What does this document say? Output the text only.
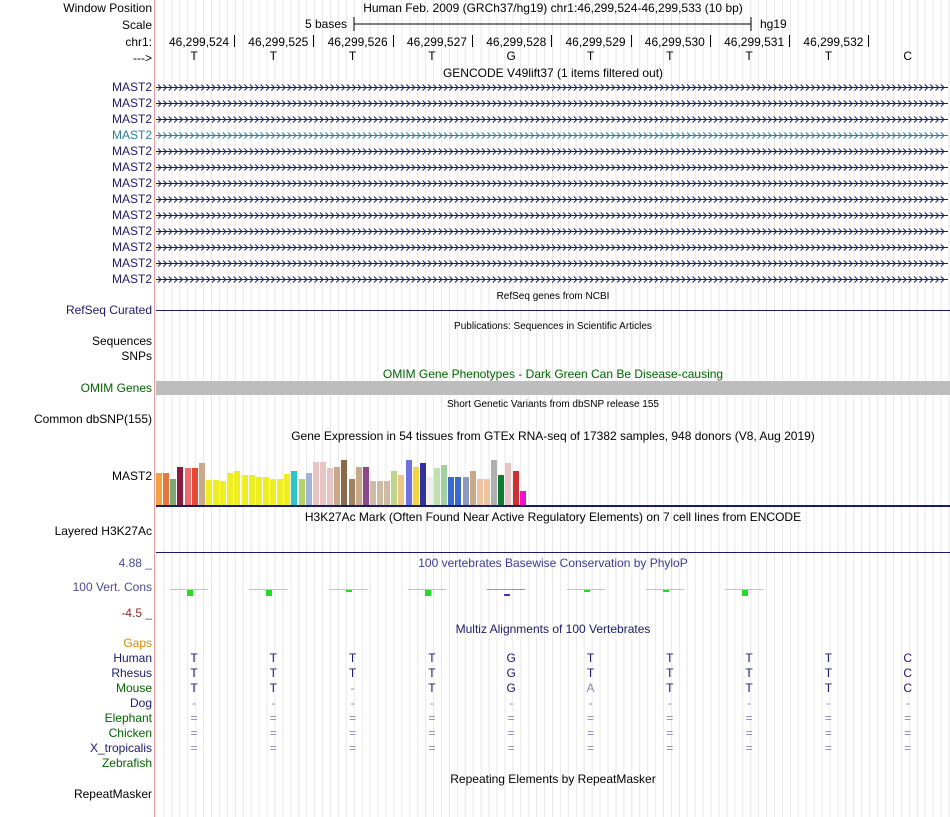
Window Position	Human Feb. 2009 (GRCh37/hg19) chr1:46,299,524-46,299,533 (10 bp)
Scale	5 bases	hg19
chr1: 46,299,524 46,299,525 46,299,526 46,299,527 46,299,528 46,299,529 46,299,530 46,299,531 46,299,532
--->	T	T	T	T	G	T	T	T	T	C
GENCODE V49lift37 (1 items filtered out)
MAST2
MAST2
MAST2
MAST2
MAST2
MAST2
MAST2
MAST2
MAST2
MAST2
MAST2
MAST2
MAST2
RefSeq genes from NCBI
RefSeq Curated
Publications: Sequences in Scientific Articles
Sequences
SNPs
OMIM Gene Phenotypes - Dark Green Can Be Disease-causing
OMIM Genes
Short Genetic Variants from dbSNP release 155
Common dbSNP(155)
Gene Expression in 54 tissues from GTEx RNA-seq of 17382 samples, 948 donors (V8, Aug 2019)
MAST2
H3K27Ac Mark (Often Found Near Active Regulatory Elements) on 7 cell lines from ENCODE
Layered H3K27Ac
100 vertebrates Basewise Conservation by PhyloP
4.88 _
100 Vert. Cons
-4.5 _
Gaps
Multiz Alignments of 100 Vertebrates
Human	T	T	T	T	G	T	T	T	T	C
Rhesus	T	T	T	T	G	T	T	T	T	C
Mouse	T	T	-	T	G	A	T	T	T	C
Dog	-	-	-	-	-	-	-	-	-	-
Elephant	=	=	=	=	=	=	=	=	=	=
Chicken	=	=	=	=	=	=	=	=	=	=
X_tropicalis	=	=	=	=	=	=	=	=	=	=
Zebrafish
Repeating Elements by RepeatMasker
RepeatMasker
